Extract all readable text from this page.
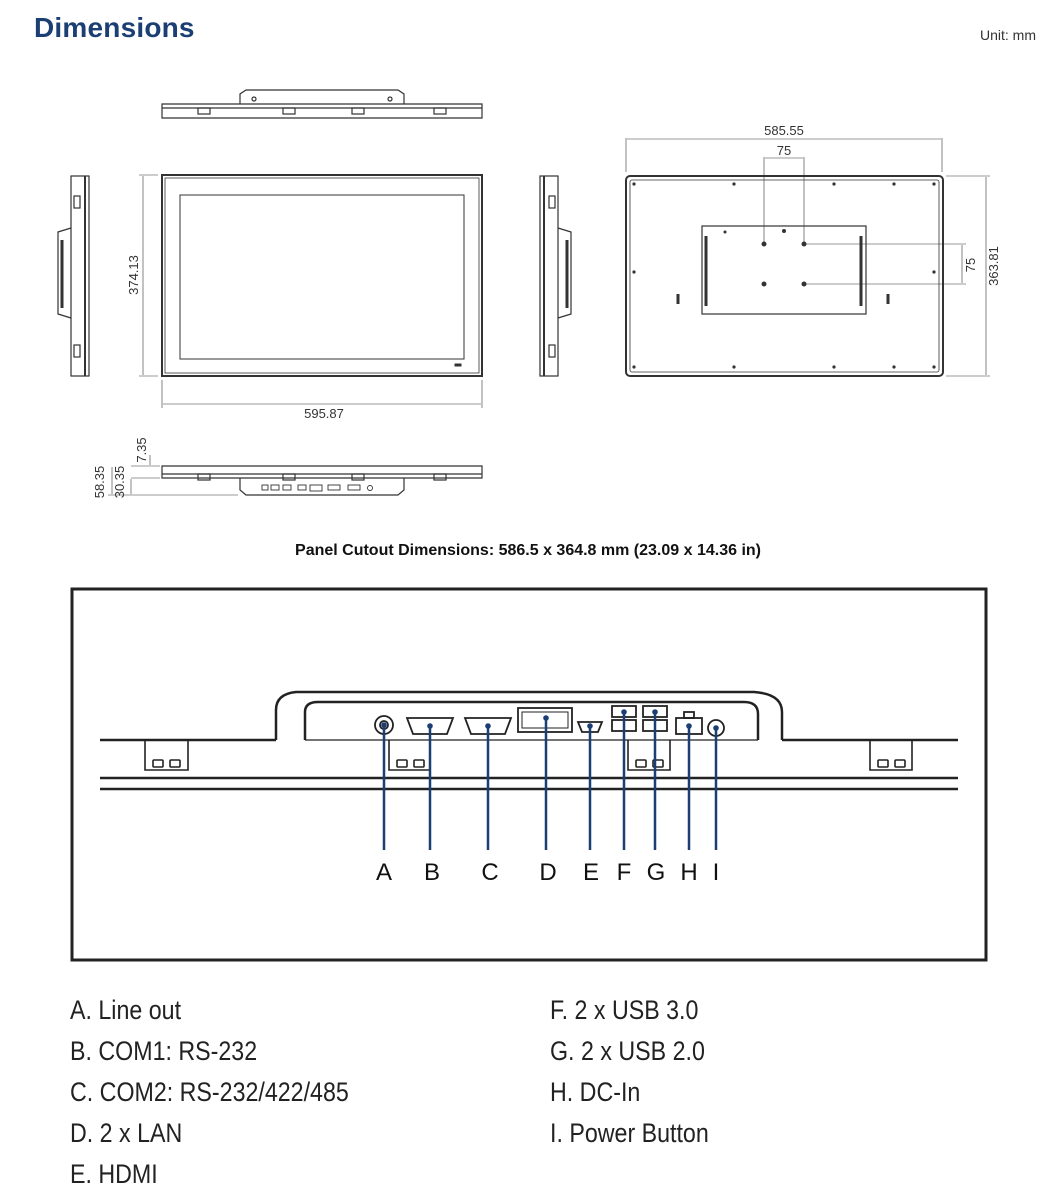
Dimensions	Unit: mm
374.13
595.87
585.55
75
75 363.81
58.35 30.35
7.35
A B C D E F G H I
Panel Cutout Dimensions: 586.5 x 364.8 mm (23.09 x 14.36 in)
A. Line out
B. COM1: RS-232
C. COM2: RS-232/422/485
D. 2 x LAN
E. HDMI
F. 2 x USB 3.0
G. 2 x USB 2.0
H. DC-In
I. Power Button
